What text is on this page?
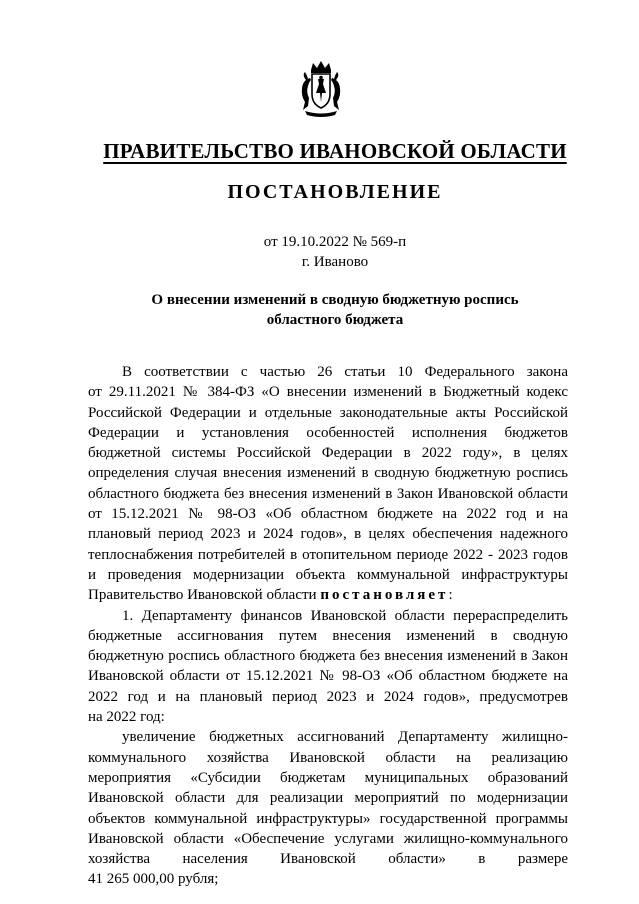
ПРАВИТЕЛЬСТВО ИВАНОВСКОЙ ОБЛАСТИ
ПОСТАНОВЛЕНИЕ
от 19.10.2022 № 569-п
г. Иваново
О внесении изменений в сводную бюджетную роспись
областного бюджета
В соответствии с частью 26 статьи 10 Федерального закона
от 29.11.2021 № 384-ФЗ «О внесении изменений в Бюджетный кодекс
Российской Федерации и отдельные законодательные акты Российской
Федерации и установления особенностей исполнения бюджетов
бюджетной системы Российской Федерации в 2022 году», в целях
определения случая внесения изменений в сводную бюджетную роспись
областного бюджета без внесения изменений в Закон Ивановской области
от 15.12.2021 № 98-ОЗ «Об областном бюджете на 2022 год и на
плановый период 2023 и 2024 годов», в целях обеспечения надежного
теплоснабжения потребителей в отопительном периоде 2022 - 2023 годов
и проведения модернизации объекта коммунальной инфраструктуры
Правительство Ивановской области постановляет:
1. Департаменту финансов Ивановской области перераспределить
бюджетные ассигнования путем внесения изменений в сводную
бюджетную роспись областного бюджета без внесения изменений в Закон
Ивановской области от 15.12.2021 № 98-ОЗ «Об областном бюджете на
2022 год и на плановый период 2023 и 2024 годов», предусмотрев
на 2022 год:
увеличение бюджетных ассигнований Департаменту жилищно-
коммунального хозяйства Ивановской области на реализацию
мероприятия «Субсидии бюджетам муниципальных образований
Ивановской области для реализации мероприятий по модернизации
объектов коммунальной инфраструктуры» государственной программы
Ивановской области «Обеспечение услугами жилищно-коммунального
хозяйства населения Ивановской области» в размере
41 265 000,00 рубля;
